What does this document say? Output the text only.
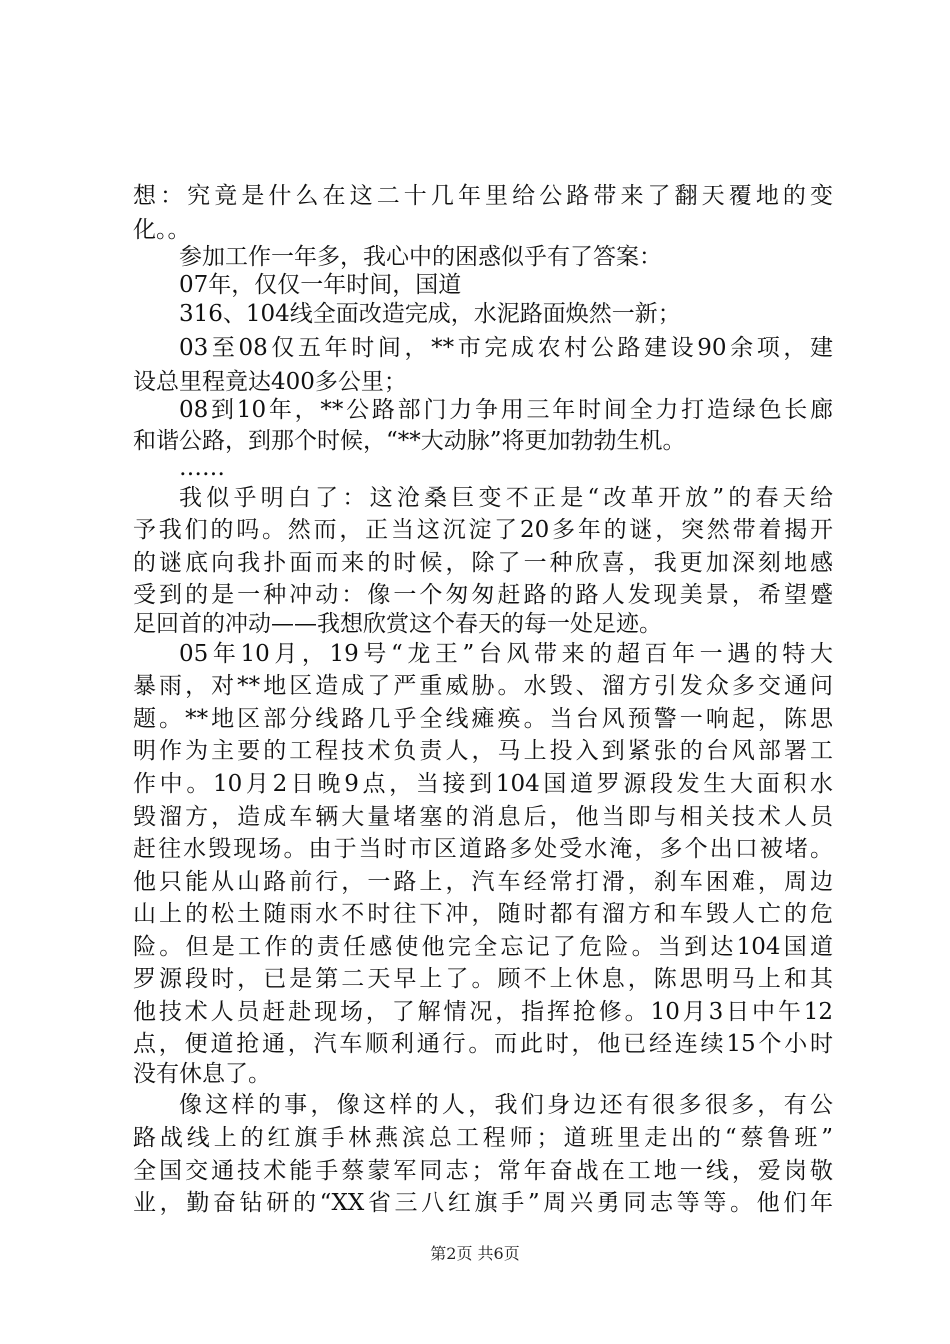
想：究竟是什么在这二十几年里给公路带来了翻天覆地的变
化。。
参加工作一年多，我心中的困惑似乎有了答案：
07年，仅仅一年时间，国道
316、104线全面改造完成，水泥路面焕然一新；
03至08仅五年时间，**市完成农村公路建设90余项，建
设总里程竟达400多公里；
08到10年，**公路部门力争用三年时间全力打造绿色长廊
和谐公路，到那个时候，“**大动脉”将更加勃勃生机。
……
我似乎明白了：这沧桑巨变不正是“改革开放”的春天给
予我们的吗。然而，正当这沉淀了20多年的谜，突然带着揭开
的谜底向我扑面而来的时候，除了一种欣喜，我更加深刻地感
受到的是一种冲动：像一个匆匆赶路的路人发现美景，希望蹙
足回首的冲动——我想欣赏这个春天的每一处足迹。
05年10月，19号“龙王”台风带来的超百年一遇的特大
暴雨，对**地区造成了严重威胁。水毁、溜方引发众多交通问
题。**地区部分线路几乎全线瘫痪。当台风预警一响起，陈思
明作为主要的工程技术负责人，马上投入到紧张的台风部署工
作中。10月2日晚9点，当接到104国道罗源段发生大面积水
毁溜方，造成车辆大量堵塞的消息后，他当即与相关技术人员
赶往水毁现场。由于当时市区道路多处受水淹，多个出口被堵。
他只能从山路前行，一路上，汽车经常打滑，刹车困难，周边
山上的松土随雨水不时往下冲，随时都有溜方和车毁人亡的危
险。但是工作的责任感使他完全忘记了危险。当到达104国道
罗源段时，已是第二天早上了。顾不上休息，陈思明马上和其
他技术人员赶赴现场，了解情况，指挥抢修。10月3日中午12
点，便道抢通，汽车顺利通行。而此时，他已经连续15个小时
没有休息了。
像这样的事，像这样的人，我们身边还有很多很多，有公
路战线上的红旗手林燕滨总工程师；道班里走出的“蔡鲁班”
全国交通技术能手蔡蒙军同志；常年奋战在工地一线，爱岗敬
业，勤奋钻研的“XX省三八红旗手”周兴勇同志等等。他们年
第2页 共6页
